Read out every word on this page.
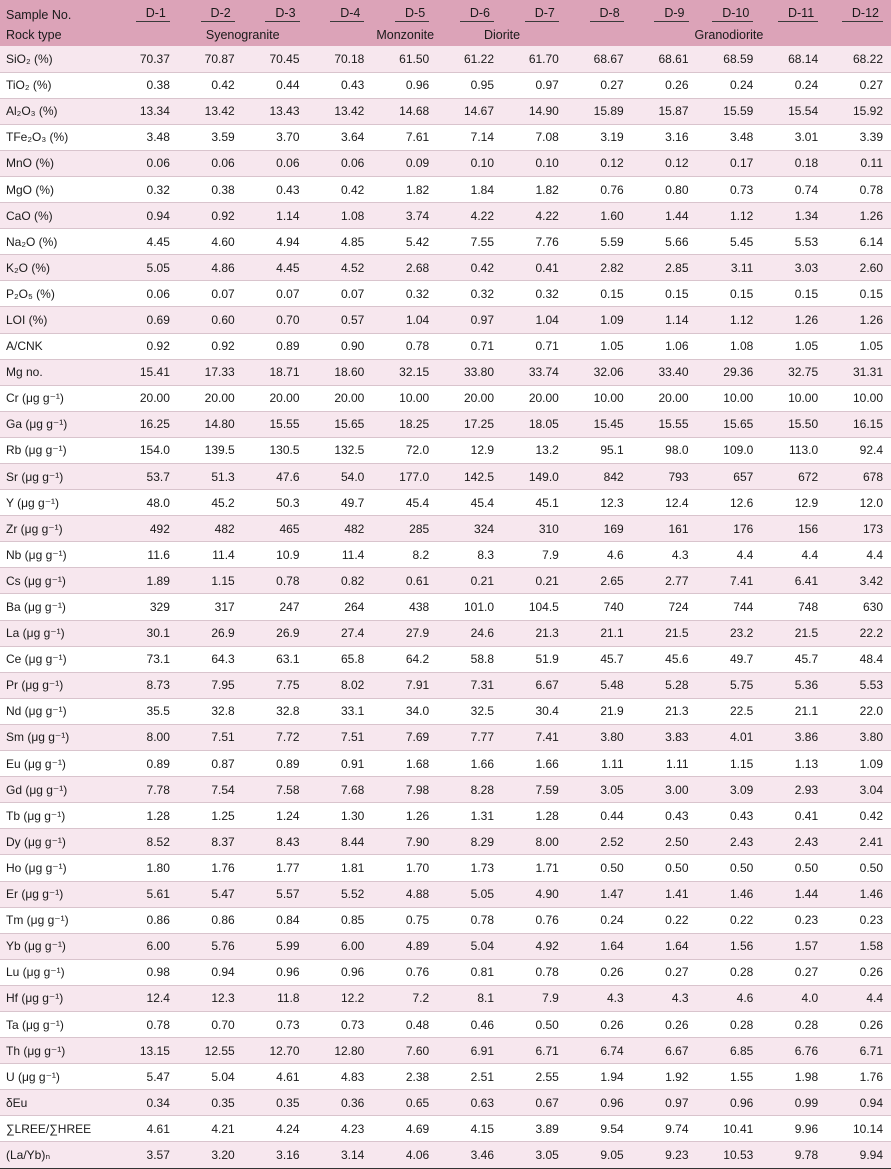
Sample No.	D-1	D-2	D-3	D-4	D-5	D-6	D-7	D-8	D-9	D-10	D-11	D-12
Rock type	Syenogranite				Monzonite	Diorite		Granodiorite				
SiO₂ (%)	70.37	70.87	70.45	70.18	61.50	61.22	61.70	68.67	68.61	68.59	68.14	68.22
TiO₂ (%)	0.38	0.42	0.44	0.43	0.96	0.95	0.97	0.27	0.26	0.24	0.24	0.27
Al₂O₃ (%)	13.34	13.42	13.43	13.42	14.68	14.67	14.90	15.89	15.87	15.59	15.54	15.92
TFe₂O₃ (%)	3.48	3.59	3.70	3.64	7.61	7.14	7.08	3.19	3.16	3.48	3.01	3.39
MnO (%)	0.06	0.06	0.06	0.06	0.09	0.10	0.10	0.12	0.12	0.17	0.18	0.11
MgO (%)	0.32	0.38	0.43	0.42	1.82	1.84	1.82	0.76	0.80	0.73	0.74	0.78
CaO (%)	0.94	0.92	1.14	1.08	3.74	4.22	4.22	1.60	1.44	1.12	1.34	1.26
Na₂O (%)	4.45	4.60	4.94	4.85	5.42	7.55	7.76	5.59	5.66	5.45	5.53	6.14
K₂O (%)	5.05	4.86	4.45	4.52	2.68	0.42	0.41	2.82	2.85	3.11	3.03	2.60
P₂O₅ (%)	0.06	0.07	0.07	0.07	0.32	0.32	0.32	0.15	0.15	0.15	0.15	0.15
LOI (%)	0.69	0.60	0.70	0.57	1.04	0.97	1.04	1.09	1.14	1.12	1.26	1.26
A/CNK	0.92	0.92	0.89	0.90	0.78	0.71	0.71	1.05	1.06	1.08	1.05	1.05
Mg no.	15.41	17.33	18.71	18.60	32.15	33.80	33.74	32.06	33.40	29.36	32.75	31.31
Cr (μg g⁻¹)	20.00	20.00	20.00	20.00	10.00	20.00	20.00	10.00	20.00	10.00	10.00	10.00
Ga (μg g⁻¹)	16.25	14.80	15.55	15.65	18.25	17.25	18.05	15.45	15.55	15.65	15.50	16.15
Rb (μg g⁻¹)	154.0	139.5	130.5	132.5	72.0	12.9	13.2	95.1	98.0	109.0	113.0	92.4
Sr (μg g⁻¹)	53.7	51.3	47.6	54.0	177.0	142.5	149.0	842	793	657	672	678
Y (μg g⁻¹)	48.0	45.2	50.3	49.7	45.4	45.4	45.1	12.3	12.4	12.6	12.9	12.0
Zr (μg g⁻¹)	492	482	465	482	285	324	310	169	161	176	156	173
Nb (μg g⁻¹)	11.6	11.4	10.9	11.4	8.2	8.3	7.9	4.6	4.3	4.4	4.4	4.4
Cs (μg g⁻¹)	1.89	1.15	0.78	0.82	0.61	0.21	0.21	2.65	2.77	7.41	6.41	3.42
Ba (μg g⁻¹)	329	317	247	264	438	101.0	104.5	740	724	744	748	630
La (μg g⁻¹)	30.1	26.9	26.9	27.4	27.9	24.6	21.3	21.1	21.5	23.2	21.5	22.2
Ce (μg g⁻¹)	73.1	64.3	63.1	65.8	64.2	58.8	51.9	45.7	45.6	49.7	45.7	48.4
Pr (μg g⁻¹)	8.73	7.95	7.75	8.02	7.91	7.31	6.67	5.48	5.28	5.75	5.36	5.53
Nd (μg g⁻¹)	35.5	32.8	32.8	33.1	34.0	32.5	30.4	21.9	21.3	22.5	21.1	22.0
Sm (μg g⁻¹)	8.00	7.51	7.72	7.51	7.69	7.77	7.41	3.80	3.83	4.01	3.86	3.80
Eu (μg g⁻¹)	0.89	0.87	0.89	0.91	1.68	1.66	1.66	1.11	1.11	1.15	1.13	1.09
Gd (μg g⁻¹)	7.78	7.54	7.58	7.68	7.98	8.28	7.59	3.05	3.00	3.09	2.93	3.04
Tb (μg g⁻¹)	1.28	1.25	1.24	1.30	1.26	1.31	1.28	0.44	0.43	0.43	0.41	0.42
Dy (μg g⁻¹)	8.52	8.37	8.43	8.44	7.90	8.29	8.00	2.52	2.50	2.43	2.43	2.41
Ho (μg g⁻¹)	1.80	1.76	1.77	1.81	1.70	1.73	1.71	0.50	0.50	0.50	0.50	0.50
Er (μg g⁻¹)	5.61	5.47	5.57	5.52	4.88	5.05	4.90	1.47	1.41	1.46	1.44	1.46
Tm (μg g⁻¹)	0.86	0.86	0.84	0.85	0.75	0.78	0.76	0.24	0.22	0.22	0.23	0.23
Yb (μg g⁻¹)	6.00	5.76	5.99	6.00	4.89	5.04	4.92	1.64	1.64	1.56	1.57	1.58
Lu (μg g⁻¹)	0.98	0.94	0.96	0.96	0.76	0.81	0.78	0.26	0.27	0.28	0.27	0.26
Hf (μg g⁻¹)	12.4	12.3	11.8	12.2	7.2	8.1	7.9	4.3	4.3	4.6	4.0	4.4
Ta (μg g⁻¹)	0.78	0.70	0.73	0.73	0.48	0.46	0.50	0.26	0.26	0.28	0.28	0.26
Th (μg g⁻¹)	13.15	12.55	12.70	12.80	7.60	6.91	6.71	6.74	6.67	6.85	6.76	6.71
U (μg g⁻¹)	5.47	5.04	4.61	4.83	2.38	2.51	2.55	1.94	1.92	1.55	1.98	1.76
δEu	0.34	0.35	0.35	0.36	0.65	0.63	0.67	0.96	0.97	0.96	0.99	0.94
∑LREE/∑HREE	4.61	4.21	4.24	4.23	4.69	4.15	3.89	9.54	9.74	10.41	9.96	10.14
(La/Yb)ₙ	3.57	3.20	3.16	3.14	4.06	3.46	3.05	9.05	9.23	10.53	9.78	9.94
